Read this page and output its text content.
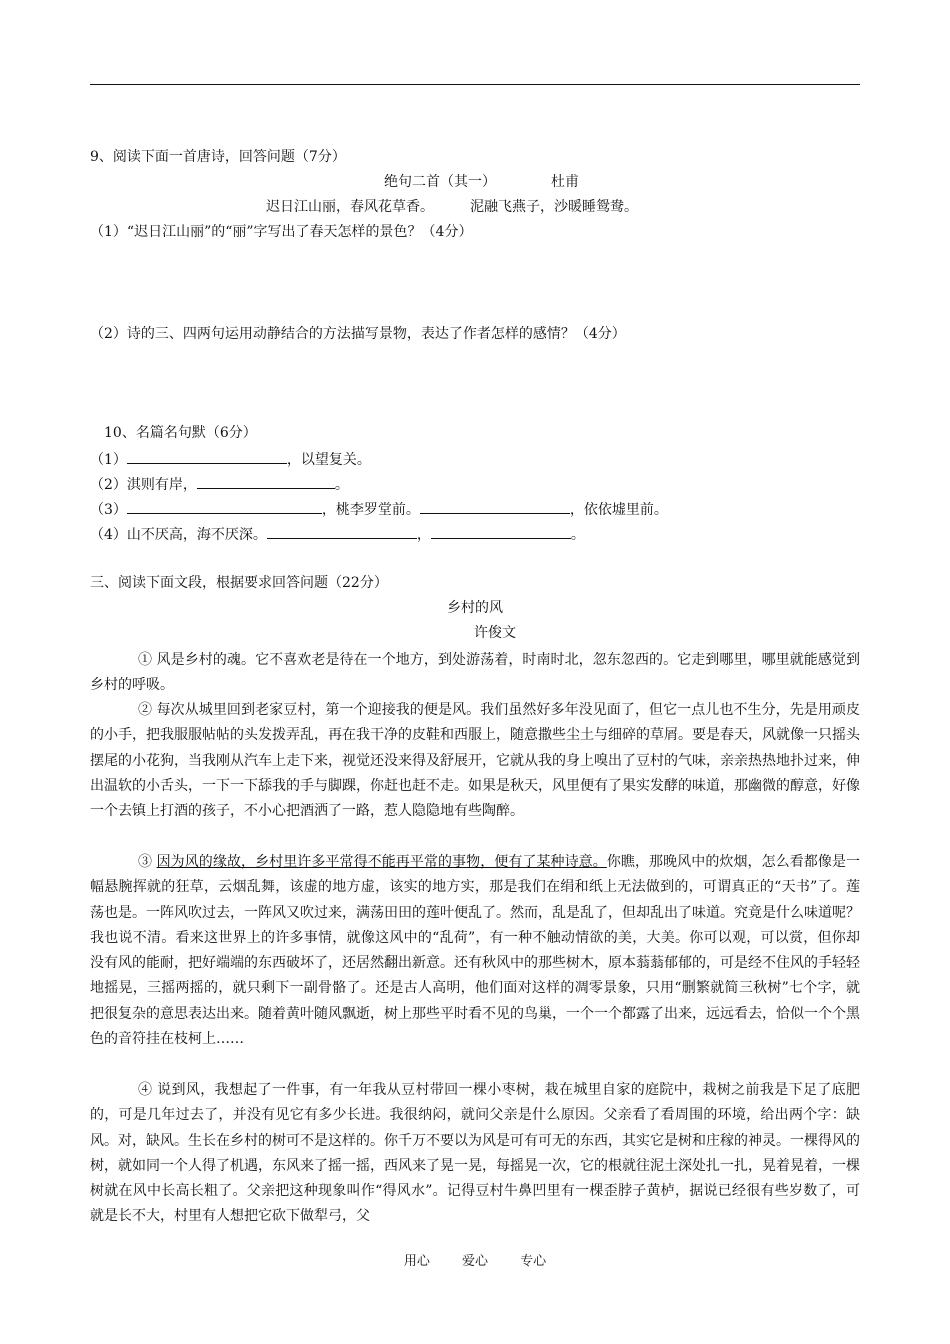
9、阅读下面一首唐诗，回答问题（7分）
绝句二首（其一）	杜甫
迟日江山丽，春风花草香。	泥融飞燕子，沙暖睡鸳鸯。
（1）“迟日江山丽”的“丽”字写出了春天怎样的景色？（4分）
（2）诗的三、四两句运用动静结合的方法描写景物，表达了作者怎样的感情？（4分）
10、名篇名句默（6分）
（1）	，以望复关。
（2）淇则有岸，	。
（3）	，桃李罗堂前。	，依依墟里前。
（4）山不厌高，海不厌深。	，	。
三、阅读下面文段，根据要求回答问题（22分）
乡村的风
许俊文
① 风是乡村的魂。它不喜欢老是待在一个地方，到处游荡着，时南时北，忽东忽西的。它走到哪里，哪里就能感觉到乡村的呼吸。
② 每次从城里回到老家豆村，第一个迎接我的便是风。我们虽然好多年没见面了，但它一点儿也不生分，先是用顽皮的小手，把我服服帖帖的头发拨弄乱，再在我干净的皮鞋和西服上，随意撒些尘土与细碎的草屑。要是春天，风就像一只摇头摆尾的小花狗，当我刚从汽车上走下来，视觉还没来得及舒展开，它就从我的身上嗅出了豆村的气味，亲亲热热地扑过来，伸出温软的小舌头，一下一下舔我的手与脚踝，你赶也赶不走。如果是秋天，风里便有了果实发酵的味道，那幽微的醇意，好像一个去镇上打酒的孩子，不小心把酒洒了一路，惹人隐隐地有些陶醉。
③ 因为风的缘故，乡村里许多平常得不能再平常的事物，便有了某种诗意。你瞧，那晚风中的炊烟，怎么看都像是一幅悬腕挥就的狂草，云烟乱舞，该虚的地方虚，该实的地方实，那是我们在绢和纸上无法做到的，可谓真正的“天书”了。莲荡也是。一阵风吹过去，一阵风又吹过来，满荡田田的莲叶便乱了。然而，乱是乱了，但却乱出了味道。究竟是什么味道呢？我也说不清。看来这世界上的许多事情，就像这风中的“乱荷”，有一种不触动情欲的美，大美。你可以观，可以赏，但你却没有风的能耐，把好端端的东西破坏了，还居然翻出新意。还有秋风中的那些树木，原本蓊蓊郁郁的，可是经不住风的手轻轻地摇晃，三摇两摇的，就只剩下一副骨骼了。还是古人高明，他们面对这样的凋零景象，只用“删繁就简三秋树”七个字，就把很复杂的意思表达出来。随着黄叶随风飘逝，树上那些平时看不见的鸟巢，一个一个都露了出来，远远看去，恰似一个个黑色的音符挂在枝柯上……
④ 说到风，我想起了一件事，有一年我从豆村带回一棵小枣树，栽在城里自家的庭院中，栽树之前我是下足了底肥的，可是几年过去了，并没有见它有多少长进。我很纳闷，就问父亲是什么原因。父亲看了看周围的环境，给出两个字：缺风。对，缺风。生长在乡村的树可不是这样的。你千万不要以为风是可有可无的东西，其实它是树和庄稼的神灵。一棵得风的树，就如同一个人得了机遇，东风来了摇一摇，西风来了晃一晃，每摇晃一次，它的根就往泥土深处扎一扎，晃着晃着，一棵树就在风中长高长粗了。父亲把这种现象叫作“得风水”。记得豆村牛鼻凹里有一棵歪脖子黄栌，据说已经很有些岁数了，可就是长不大，村里有人想把它砍下做犁弓，父
用心 爱心 专心
